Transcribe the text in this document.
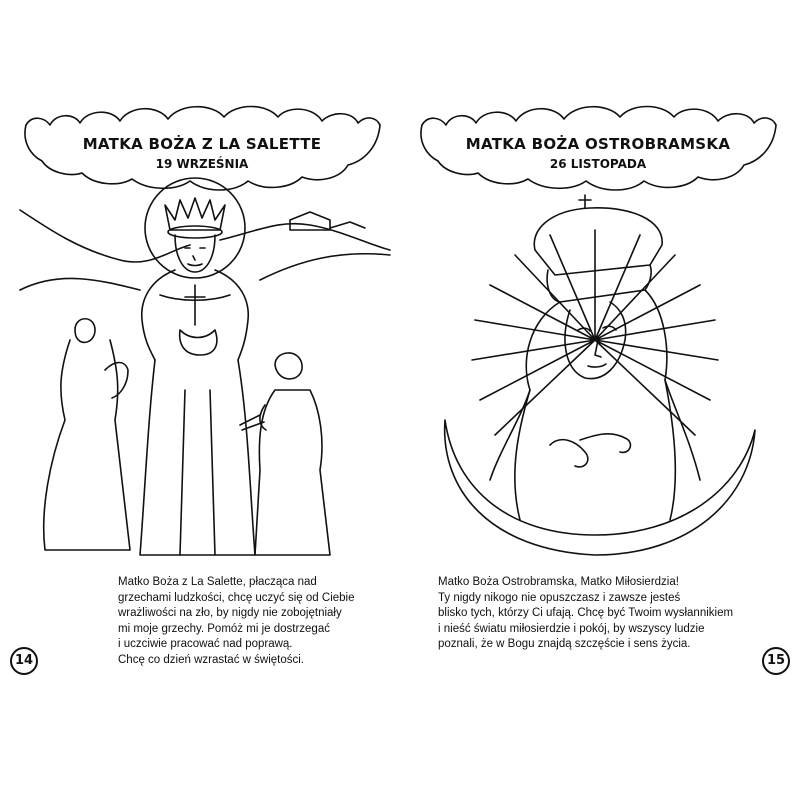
MATKA BOŻA Z LA SALETTE
19 WRZEŚNIA

Matko Boża z La Salette, płacząca nad

grzechami ludzkości, chcę uczyć się od Ciebie

wrażliwości na zło, by nigdy nie zobojętniały

mi moje grzechy. Pomóż mi je dostrzegać

i uczciwie pracować nad poprawą.

Chcę co dzień wzrastać w świętości.

14
MATKA BOŻA OSTROBRAMSKA
26 LISTOPADA

Matko Boża Ostrobramska, Matko Miłosierdzia!

Ty nigdy nikogo nie opuszczasz i zawsze jesteś

blisko tych, którzy Ci ufają. Chcę być Twoim wysłannikiem

i nieść światu miłosierdzie i pokój, by wszyscy ludzie

poznali, że w Bogu znajdą szczęście i sens życia.

15
